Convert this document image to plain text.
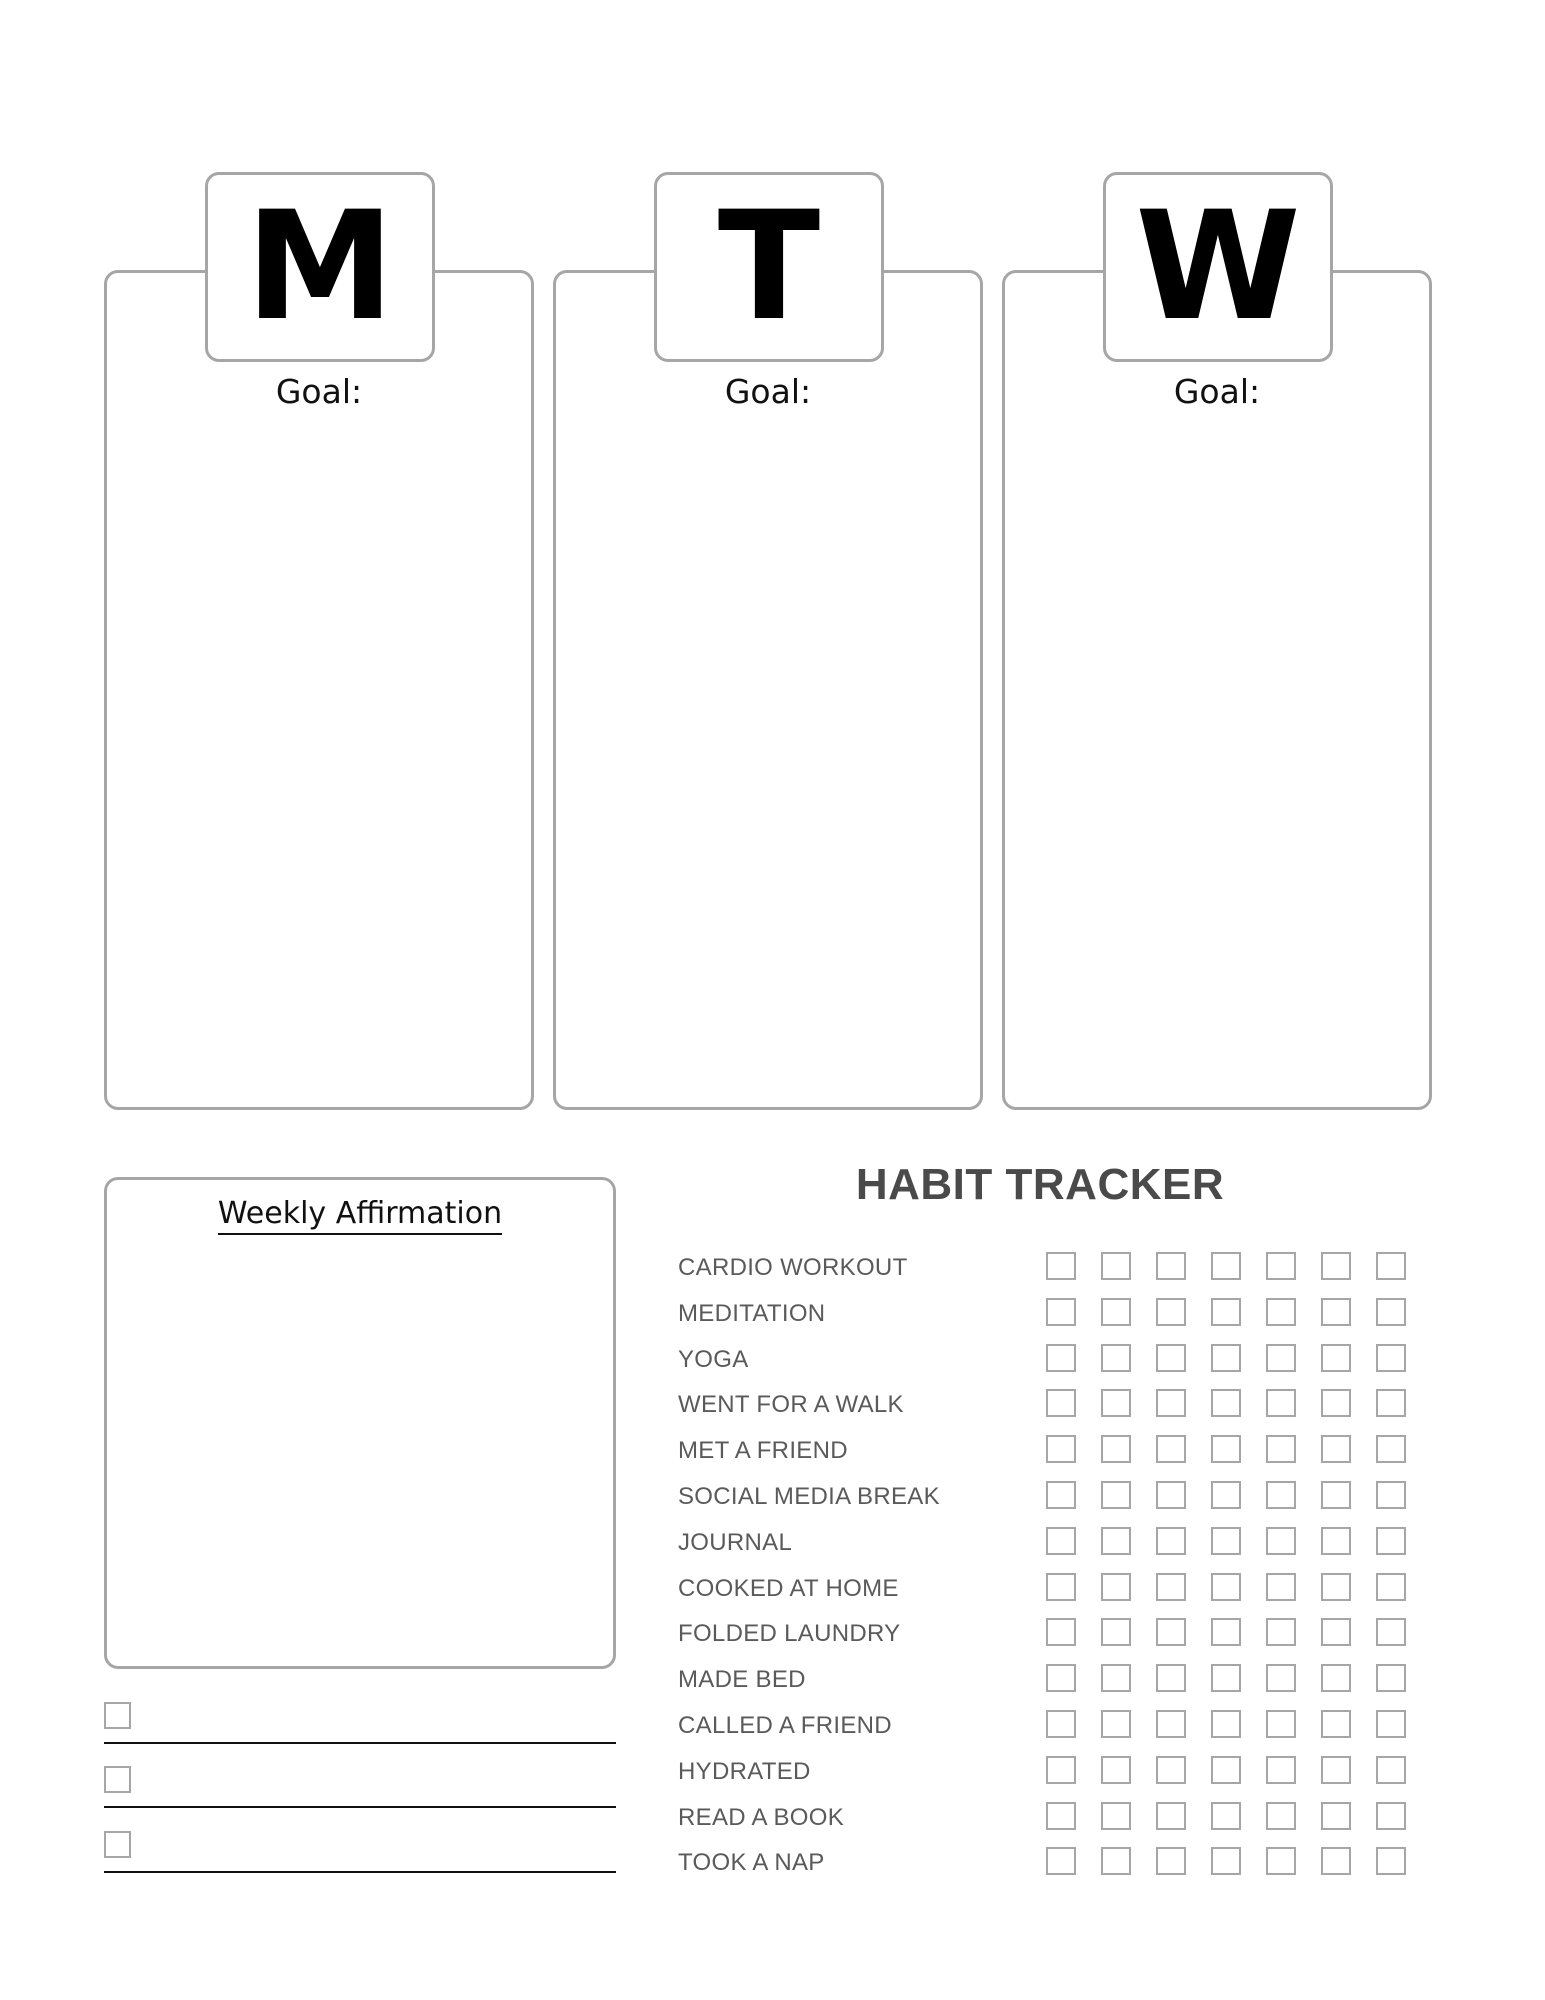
M	T	W
Goal:	Goal:	Goal:
Weekly Affirmation
HABIT TRACKER
CARDIO WORKOUT
MEDITATION
YOGA
WENT FOR A WALK
MET A FRIEND
SOCIAL MEDIA BREAK
JOURNAL
COOKED AT HOME
FOLDED LAUNDRY
MADE BED
CALLED A FRIEND
HYDRATED
READ A BOOK
TOOK A NAP
